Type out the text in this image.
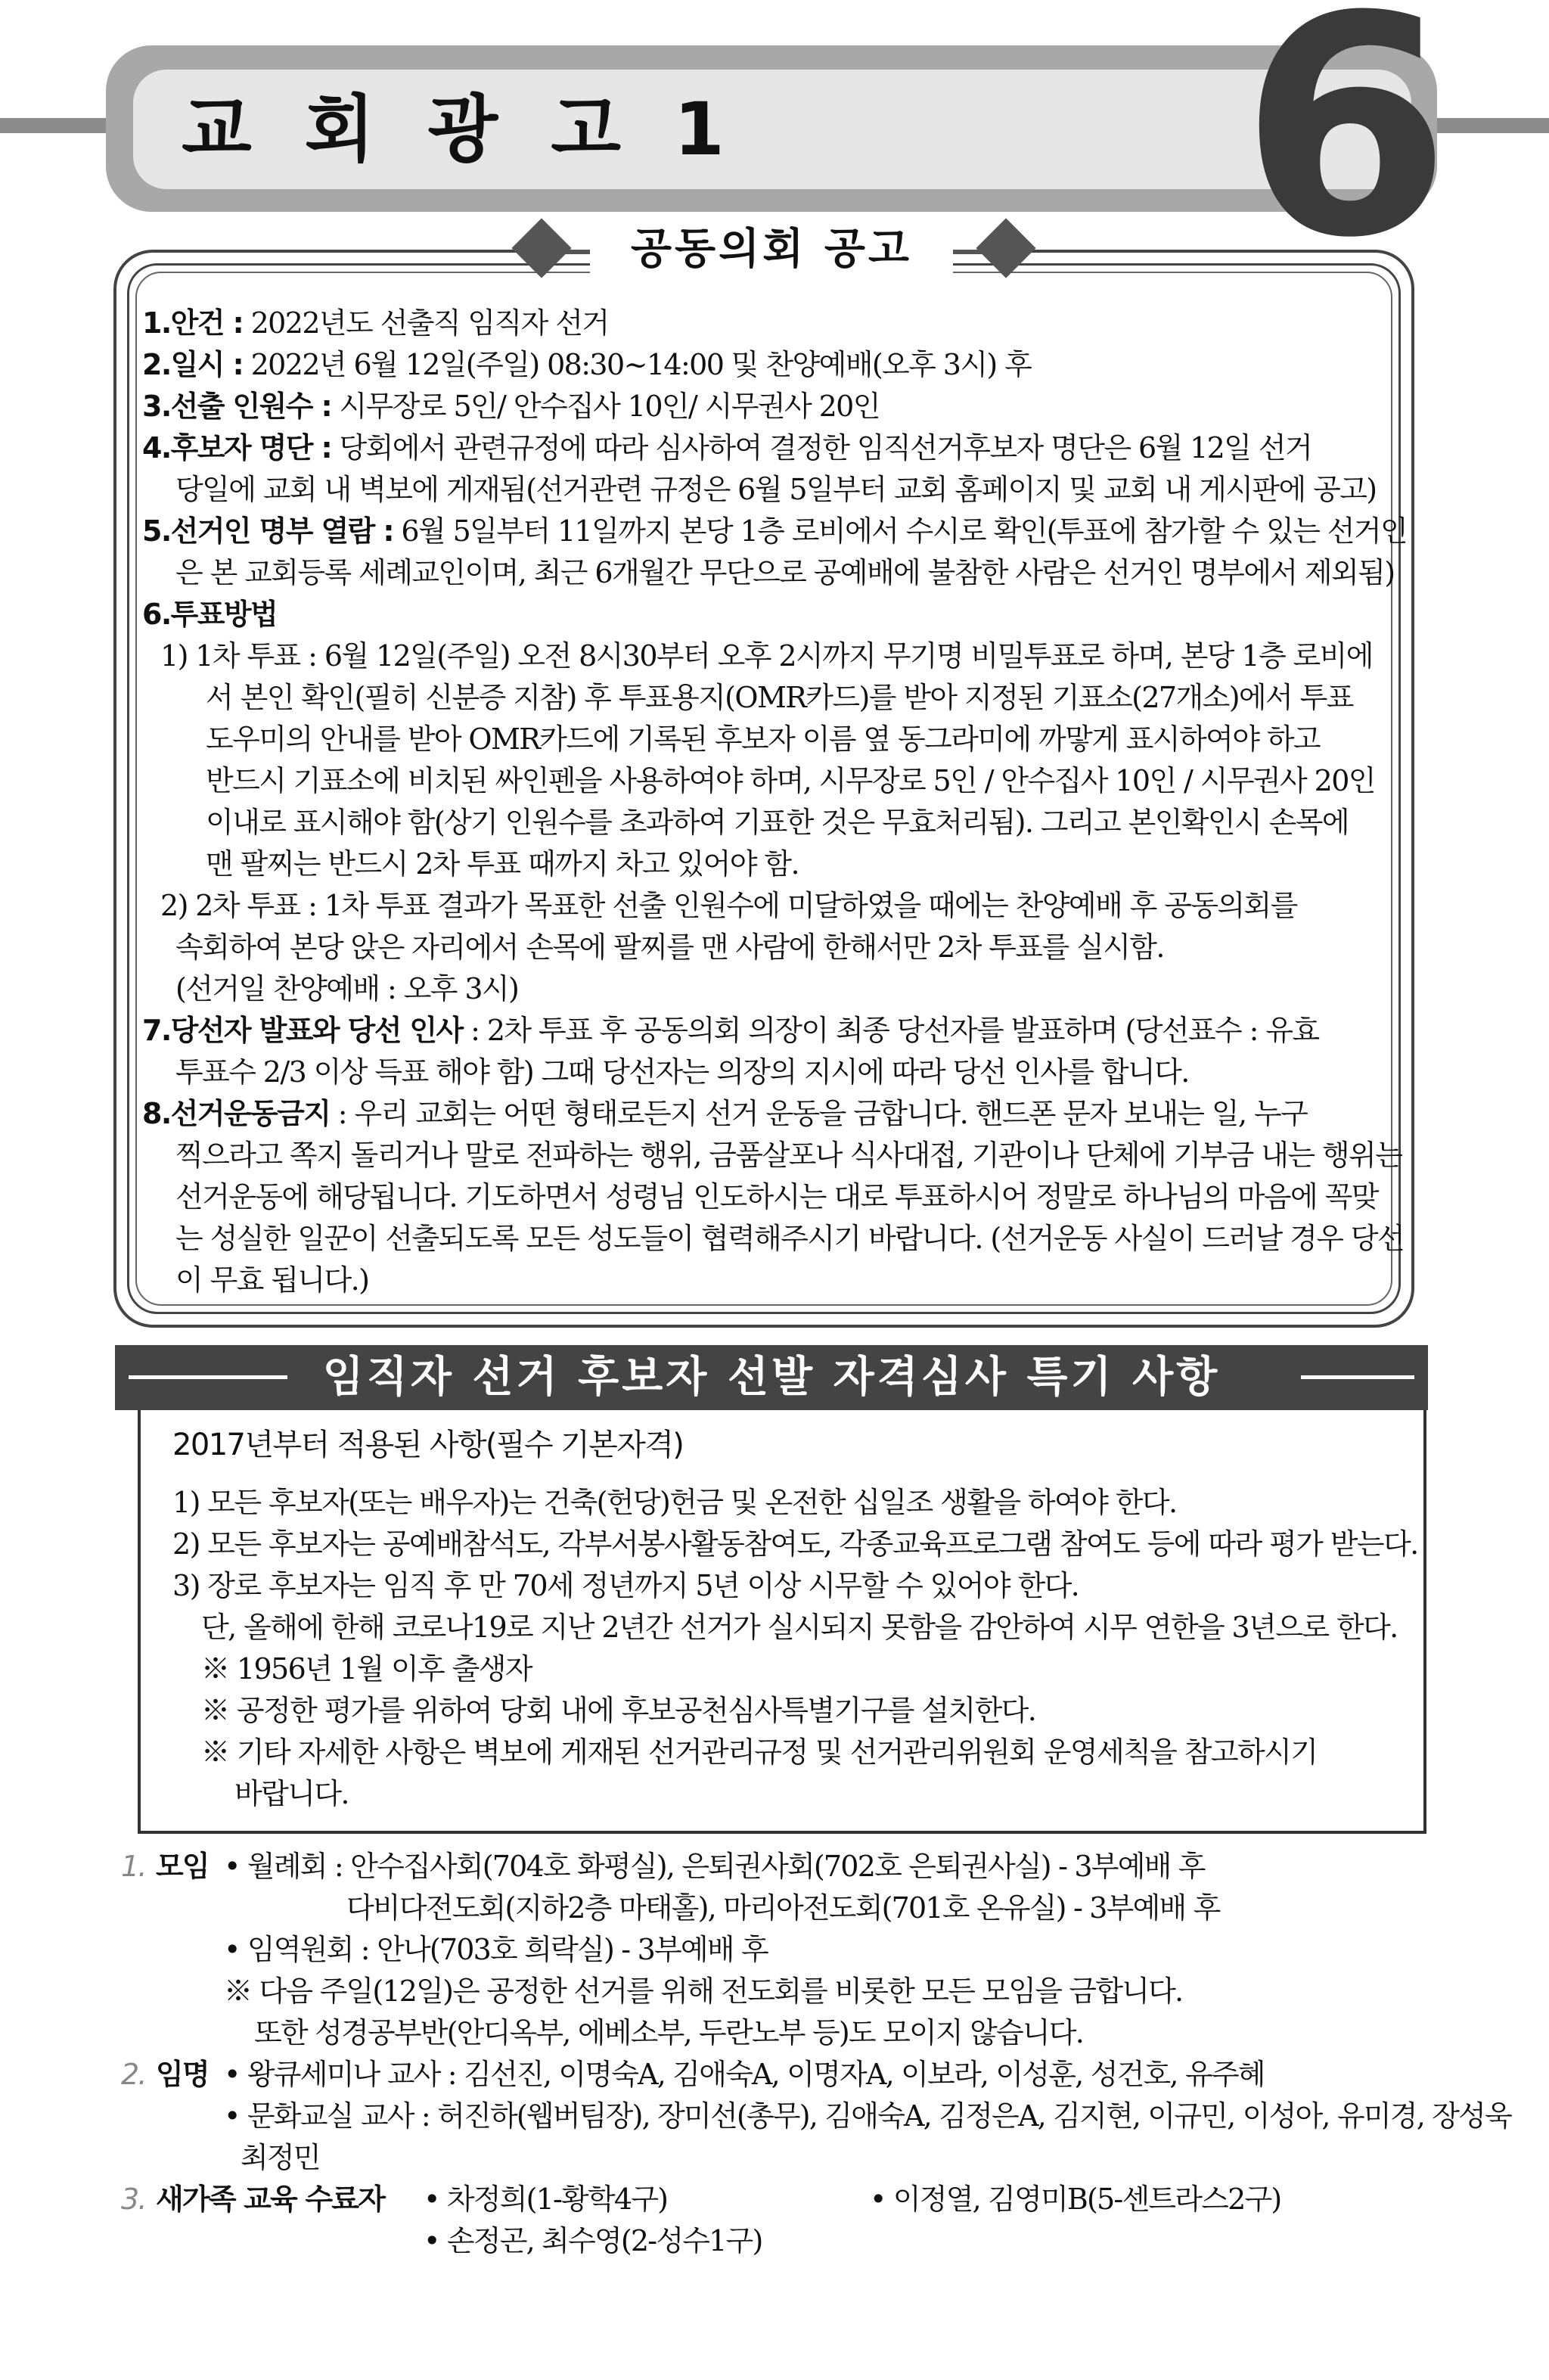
교회광고1 6
공동의회 공고

1.안건 : 2022년도 선출직 임직자 선거

2.일시 : 2022년 6월 12일(주일) 08:30~14:00 및 찬양예배(오후 3시) 후

3.선출 인원수 : 시무장로 5인/ 안수집사 10인/ 시무권사 20인

4.후보자 명단 : 당회에서 관련규정에 따라 심사하여 결정한 임직선거후보자 명단은 6월 12일 선거

당일에 교회 내 벽보에 게재됨(선거관련 규정은 6월 5일부터 교회 홈페이지 및 교회 내 게시판에 공고)

5.선거인 명부 열람 : 6월 5일부터 11일까지 본당 1층 로비에서 수시로 확인(투표에 참가할 수 있는 선거인

은 본 교회등록 세례교인이며, 최근 6개월간 무단으로 공예배에 불참한 사람은 선거인 명부에서 제외됨)

6.투표방법

1) 1차 투표 : 6월 12일(주일) 오전 8시30부터 오후 2시까지 무기명 비밀투표로 하며, 본당 1층 로비에

서 본인 확인(필히 신분증 지참) 후 투표용지(OMR카드)를 받아 지정된 기표소(27개소)에서 투표

도우미의 안내를 받아 OMR카드에 기록된 후보자 이름 옆 동그라미에 까맣게 표시하여야 하고

반드시 기표소에 비치된 싸인펜을 사용하여야 하며, 시무장로 5인 / 안수집사 10인 / 시무권사 20인

이내로 표시해야 함(상기 인원수를 초과하여 기표한 것은 무효처리됨). 그리고 본인확인시 손목에

맨 팔찌는 반드시 2차 투표 때까지 차고 있어야 함.

2) 2차 투표 : 1차 투표 결과가 목표한 선출 인원수에 미달하였을 때에는 찬양예배 후 공동의회를

속회하여 본당 앉은 자리에서 손목에 팔찌를 맨 사람에 한해서만 2차 투표를 실시함.

(선거일 찬양예배 : 오후 3시)

7.당선자 발표와 당선 인사 : 2차 투표 후 공동의회 의장이 최종 당선자를 발표하며 (당선표수 : 유효

투표수 2/3 이상 득표 해야 함) 그때 당선자는 의장의 지시에 따라 당선 인사를 합니다.

8.선거운동금지 : 우리 교회는 어떤 형태로든지 선거 운동을 금합니다. 핸드폰 문자 보내는 일, 누구

찍으라고 쪽지 돌리거나 말로 전파하는 행위, 금품살포나 식사대접, 기관이나 단체에 기부금 내는 행위는

선거운동에 해당됩니다. 기도하면서 성령님 인도하시는 대로 투표하시어 정말로 하나님의 마음에 꼭맞

는 성실한 일꾼이 선출되도록 모든 성도들이 협력해주시기 바랍니다. (선거운동 사실이 드러날 경우 당선

이 무효 됩니다.)

임직자 선거 후보자 선발 자격심사 특기 사항

2017년부터 적용된 사항(필수 기본자격)

1) 모든 후보자(또는 배우자)는 건축(헌당)헌금 및 온전한 십일조 생활을 하여야 한다.

2) 모든 후보자는 공예배참석도, 각부서봉사활동참여도, 각종교육프로그램 참여도 등에 따라 평가 받는다.

3) 장로 후보자는 임직 후 만 70세 정년까지 5년 이상 시무할 수 있어야 한다.

단, 올해에 한해 코로나19로 지난 2년간 선거가 실시되지 못함을 감안하여 시무 연한을 3년으로 한다.

※ 1956년 1월 이후 출생자

※ 공정한 평가를 위하여 당회 내에 후보공천심사특별기구를 설치한다.

※ 기타 자세한 사항은 벽보에 게재된 선거관리규정 및 선거관리위원회 운영세칙을 참고하시기

바랍니다.

1. 모임 • 월례회 : 안수집사회(704호 화평실), 은퇴권사회(702호 은퇴권사실) - 3부예배 후
다비다전도회(지하2층 마태홀), 마리아전도회(701호 온유실) - 3부예배 후
• 임역원회 : 안나(703호 희락실) - 3부예배 후
※ 다음 주일(12일)은 공정한 선거를 위해 전도회를 비롯한 모든 모임을 금합니다.
또한 성경공부반(안디옥부, 에베소부, 두란노부 등)도 모이지 않습니다.
2. 임명 • 왕큐세미나 교사 : 김선진, 이명숙A, 김애숙A, 이명자A, 이보라, 이성훈, 성건호, 유주혜
• 문화교실 교사 : 허진하(웹버팀장), 장미선(총무), 김애숙A, 김정은A, 김지현, 이규민, 이성아, 유미경, 장성욱
최정민
3. 새가족 교육 수료자 • 차정희(1-황학4구)	• 이정열, 김영미B(5-센트라스2구)
• 손정곤, 최수영(2-성수1구)
